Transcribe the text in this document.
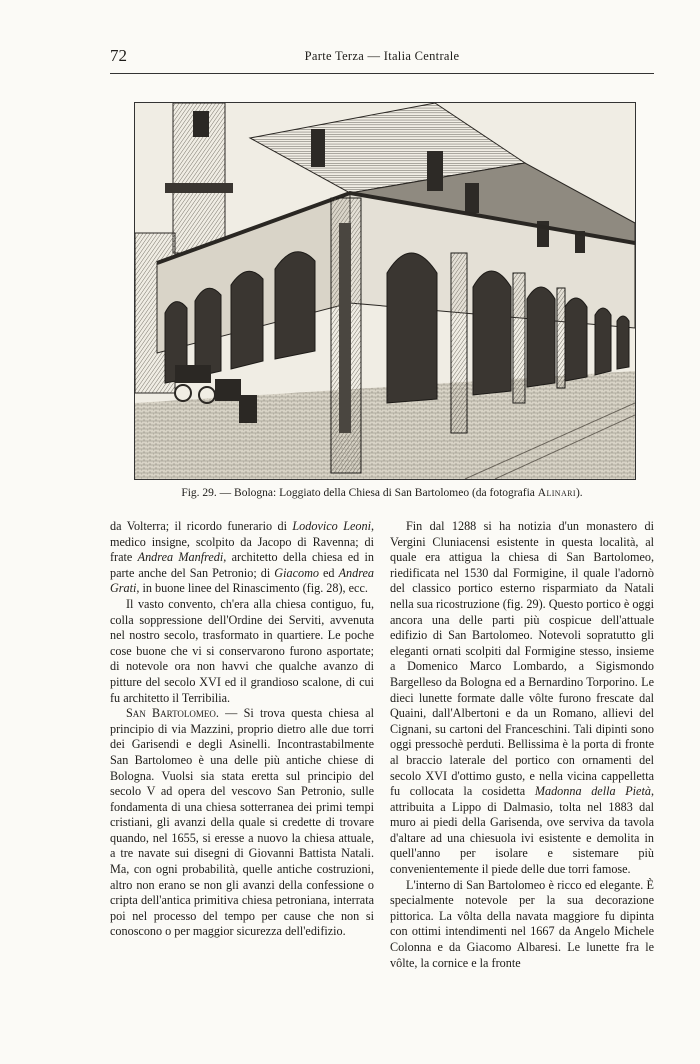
72	Parte Terza — Italia Centrale
Fig. 29. — Bologna: Loggiato della Chiesa di San Bartolomeo (da fotografia Alinari).

da Volterra; il ricordo funerario di Lodovico Leoni, medico insigne, scolpito da Jacopo di Ravenna; di frate Andrea Manfredi, architetto della chiesa ed in parte anche del San Petronio; di Giacomo ed Andrea Grati, in buone linee del Rinascimento (fig. 28), ecc.

Il vasto convento, ch'era alla chiesa contiguo, fu, colla soppressione dell'Ordine dei Serviti, avvenuta nel nostro secolo, trasformato in quartiere. Le poche cose buone che vi si conservarono furono asportate; di notevole ora non havvi che qualche avanzo di pitture del secolo XVI ed il grandioso scalone, di cui fu architetto il Terribilia.

San Bartolomeo. — Si trova questa chiesa al principio di via Mazzini, proprio dietro alle due torri dei Garisendi e degli Asinelli. Incontrastabilmente San Bartolomeo è una delle più antiche chiese di Bologna. Vuolsi sia stata eretta sul principio del secolo V ad opera del vescovo San Petronio, sulle fondamenta di una chiesa sotterranea dei primi tempi cristiani, gli avanzi della quale si credette di trovare quando, nel 1655, si eresse a nuovo la chiesa attuale, a tre navate sui disegni di Giovanni Battista Natali. Ma, con ogni probabilità, quelle antiche costruzioni, altro non erano se non gli avanzi della confessione o cripta dell'antica primitiva chiesa petroniana, interrata poi nel processo del tempo per cause che non si conoscono o per maggior sicurezza dell'edifizio.

Fin dal 1288 si ha notizia d'un monastero di Vergini Cluniacensi esistente in questa località, al quale era attigua la chiesa di San Bartolomeo, riedificata nel 1530 dal Formigine, il quale l'adornò del classico portico esterno risparmiato da Natali nella sua ricostruzione (fig. 29). Questo portico è oggi ancora una delle parti più cospicue dell'attuale edifizio di San Bartolomeo. Notevoli sopratutto gli eleganti ornati scolpiti dal Formigine stesso, insieme a Domenico Marco Lombardo, a Sigismondo Bargelleso da Bologna ed a Bernardino Torporino. Le dieci lunette formate dalle vôlte furono frescate dal Quaini, dall'Albertoni e da un Romano, allievi del Cignani, su cartoni del Franceschini. Tali dipinti sono oggi pressochè perduti. Bellissima è la porta di fronte al braccio laterale del portico con ornamenti del secolo XVI d'ottimo gusto, e nella vicina cappelletta fu collocata la cosidetta Madonna della Pietà, attribuita a Lippo di Dalmasio, tolta nel 1883 dal muro ai piedi della Garisenda, ove serviva da tavola d'altare ad una chiesuola ivi esistente e demolita in quell'anno per isolare e sistemare più convenientemente il piede delle due torri famose.

L'interno di San Bartolomeo è ricco ed elegante. È specialmente notevole per la sua decorazione pittorica. La vôlta della navata maggiore fu dipinta con ottimi intendimenti nel 1667 da Angelo Michele Colonna e da Giacomo Albaresi. Le lunette fra le vôlte, la cornice e la fronte
